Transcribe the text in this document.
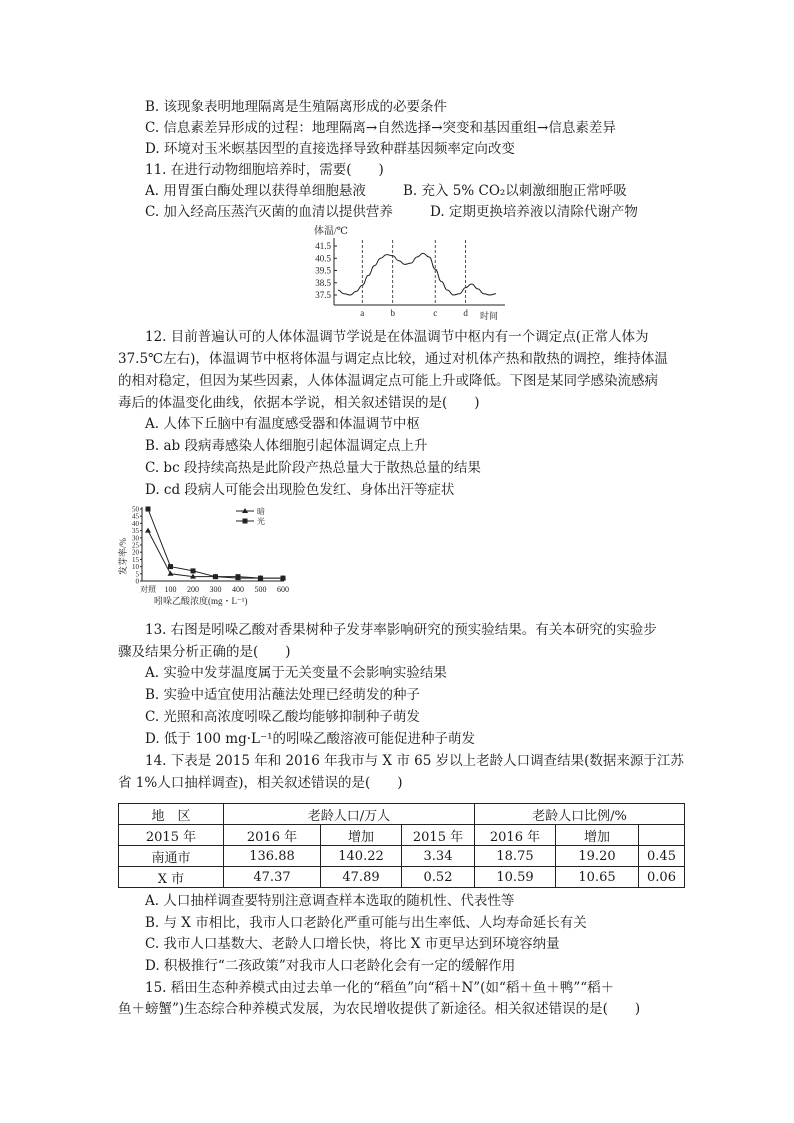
B. 该现象表明地理隔离是生殖隔离形成的必要条件
C. 信息素差异形成的过程：地理隔离→自然选择→突变和基因重组→信息素差异
D. 环境对玉米螟基因型的直接选择导致种群基因频率定向改变
11. 在进行动物细胞培养时，需要(　　)
A. 用胃蛋白酶处理以获得单细胞悬液	B. 充入 5% CO₂以刺激细胞正常呼吸
C. 加入经高压蒸汽灭菌的血清以提供营养	D. 定期更换培养液以清除代谢产物
体温/℃
时间
41.5
40.5
39.5
38.5
37.5
a	b	c	d
12. 目前普遍认可的人体体温调节学说是在体温调节中枢内有一个调定点(正常人体为
37.5℃左右)，体温调节中枢将体温与调定点比较，通过对机体产热和散热的调控，维持体温
的相对稳定，但因为某些因素，人体体温调定点可能上升或降低。下图是某同学感染流感病
毒后的体温变化曲线，依据本学说，相关叙述错误的是(　　)
A. 人体下丘脑中有温度感受器和体温调节中枢
B. ab 段病毒感染人体细胞引起体温调定点上升
C. bc 段持续高热是此阶段产热总量大于散热总量的结果
D. cd 段病人可能会出现脸色发红、身体出汗等症状
发芽率/%
吲哚乙酸浓度(mg・L⁻¹)
50
45
40
35
30
25
20
15
10
5
0
对照 100 200 300 400 500 600
暗
光
13. 右图是吲哚乙酸对香果树种子发芽率影响研究的预实验结果。有关本研究的实验步
骤及结果分析正确的是(　　)
A. 实验中发芽温度属于无关变量不会影响实验结果
B. 实验中适宜使用沾蘸法处理已经萌发的种子
C. 光照和高浓度吲哚乙酸均能够抑制种子萌发
D. 低于 100 mg·L⁻¹的吲哚乙酸溶液可能促进种子萌发
14. 下表是 2015 年和 2016 年我市与 X 市 65 岁以上老龄人口调查结果(数据来源于江苏
省 1%人口抽样调查)，相关叙述错误的是(　　)
地　区	老龄人口/万人			老龄人口比例/%		
2015 年	2016 年	增加	2015 年	2016 年	增加	
南通市	136.88	140.22	3.34	18.75	19.20	0.45
X 市	47.37	47.89	0.52	10.59	10.65	0.06
A. 人口抽样调查要特别注意调查样本选取的随机性、代表性等
B. 与 X 市相比，我市人口老龄化严重可能与出生率低、人均寿命延长有关
C. 我市人口基数大、老龄人口增长快，将比 X 市更早达到环境容纳量
D. 积极推行“二孩政策”对我市人口老龄化会有一定的缓解作用
15. 稻田生态种养模式由过去单一化的“稻鱼”向“稻＋N”(如“稻＋鱼＋鸭”“稻＋
鱼＋螃蟹”)生态综合种养模式发展，为农民增收提供了新途径。相关叙述错误的是(　　)
